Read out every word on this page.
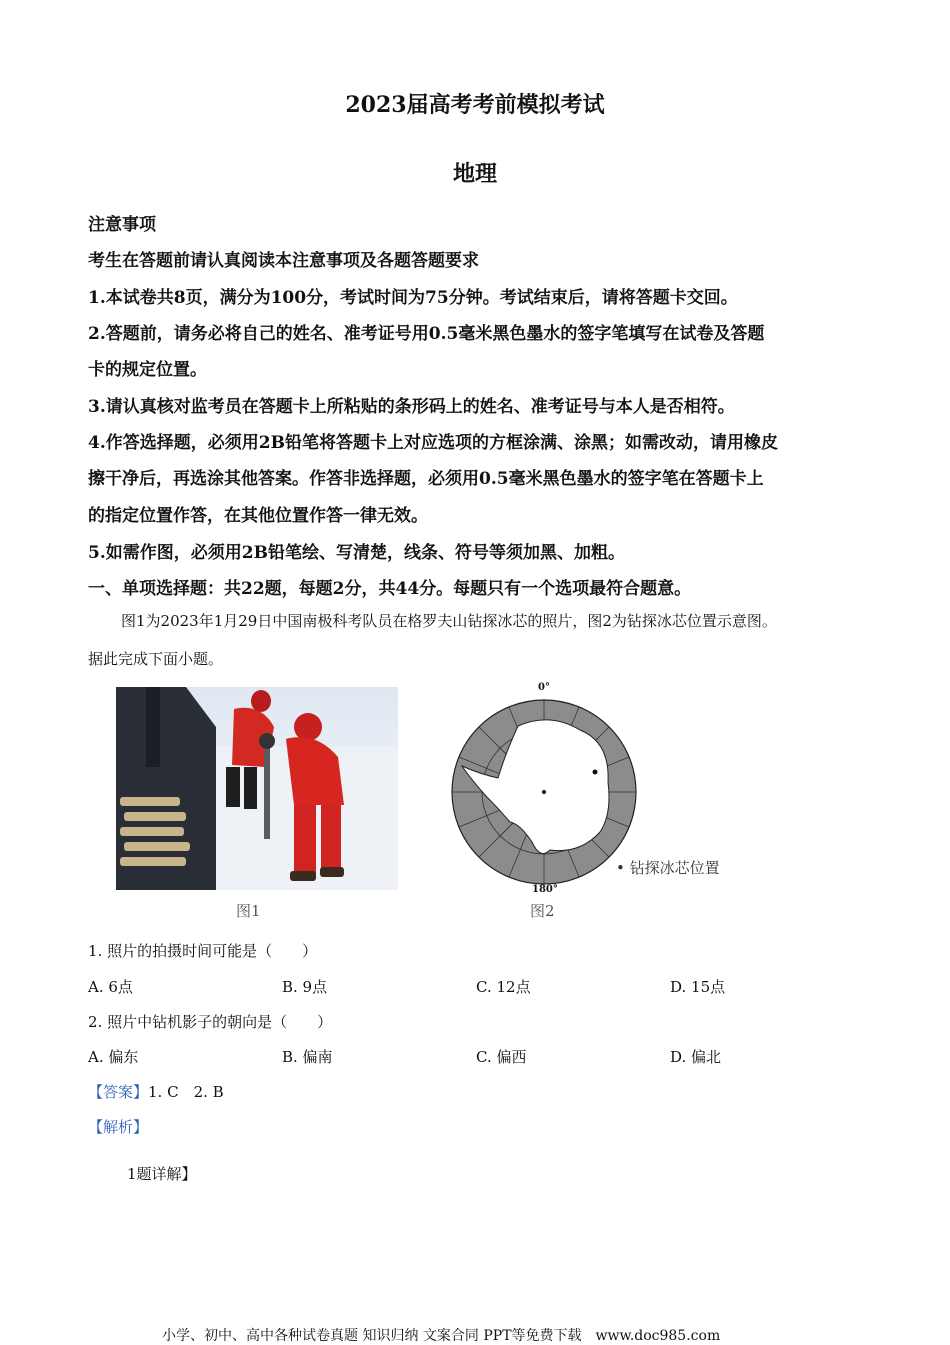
2023届高考考前模拟考试
地理
注意事项
考生在答题前请认真阅读本注意事项及各题答题要求
1.本试卷共8页，满分为100分，考试时间为75分钟。考试结束后，请将答题卡交回。
2.答题前，请务必将自己的姓名、准考证号用0.5毫米黑色墨水的签字笔填写在试卷及答题
卡的规定位置。
3.请认真核对监考员在答题卡上所粘贴的条形码上的姓名、准考证号与本人是否相符。
4.作答选择题，必须用2B铅笔将答题卡上对应选项的方框涂满、涂黑；如需改动，请用橡皮
擦干净后，再选涂其他答案。作答非选择题，必须用0.5毫米黑色墨水的签字笔在答题卡上
的指定位置作答，在其他位置作答一律无效。
5.如需作图，必须用2B铅笔绘、写清楚，线条、符号等须加黑、加粗。
一、单项选择题：共22题，每题2分，共44分。每题只有一个选项最符合题意。
图1为2023年1月29日中国南极科考队员在格罗夫山钻探冰芯的照片，图2为钻探冰芯位置示意图。
据此完成下面小题。
图1
0°
180°
• 钻探冰芯位置
图2
1. 照片的拍摄时间可能是（　　）
A. 6点	B. 9点	C. 12点	D. 15点
2. 照片中钻机影子的朝向是（　　）
A. 偏东	B. 偏南	C. 偏西	D. 偏北
【答案】1. C　2. B
【解析】
1题详解】
小学、初中、高中各种试卷真题 知识归纳 文案合同 PPT等免费下载　www.doc985.com
